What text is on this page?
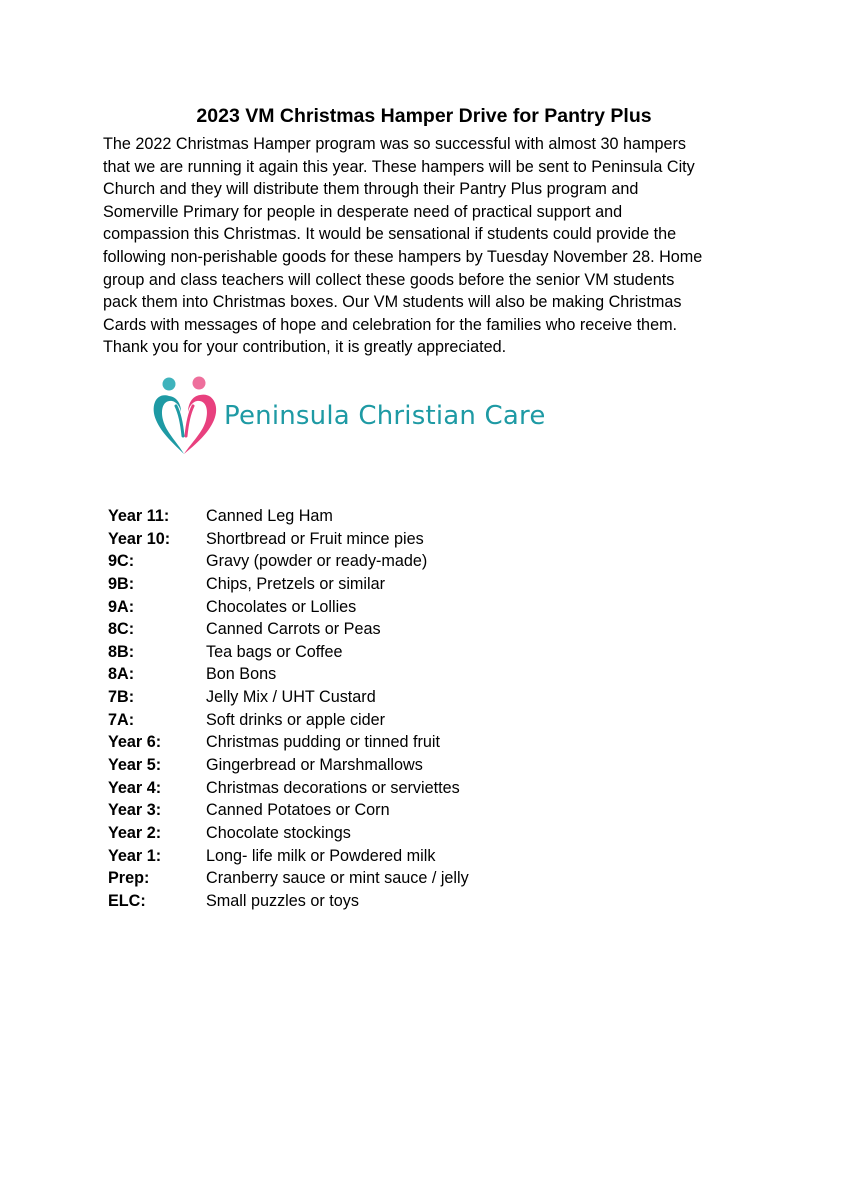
2023 VM Christmas Hamper Drive for Pantry Plus
The 2022 Christmas Hamper program was so successful with almost 30 hampers
that we are running it again this year. These hampers will be sent to Peninsula City
Church and they will distribute them through their Pantry Plus program and
Somerville Primary for people in desperate need of practical support and
compassion this Christmas. It would be sensational if students could provide the
following non-perishable goods for these hampers by Tuesday November 28. Home
group and class teachers will collect these goods before the senior VM students
pack them into Christmas boxes. Our VM students will also be making Christmas
Cards with messages of hope and celebration for the families who receive them.
Thank you for your contribution, it is greatly appreciated.
Peninsula Christian Care
Year 11: Canned Leg Ham
Year 10: Shortbread or Fruit mince pies
9C:	Gravy (powder or ready-made)
9B:	Chips, Pretzels or similar
9A:	Chocolates or Lollies
8C:	Canned Carrots or Peas
8B:	Tea bags or Coffee
8A:	Bon Bons
7B:	Jelly Mix / UHT Custard
7A:	Soft drinks or apple cider
Year 6:	Christmas pudding or tinned fruit
Year 5:	Gingerbread or Marshmallows
Year 4:	Christmas decorations or serviettes
Year 3:	Canned Potatoes or Corn
Year 2:	Chocolate stockings
Year 1:	Long- life milk or Powdered milk
Prep:	Cranberry sauce or mint sauce / jelly
ELC:	Small puzzles or toys
